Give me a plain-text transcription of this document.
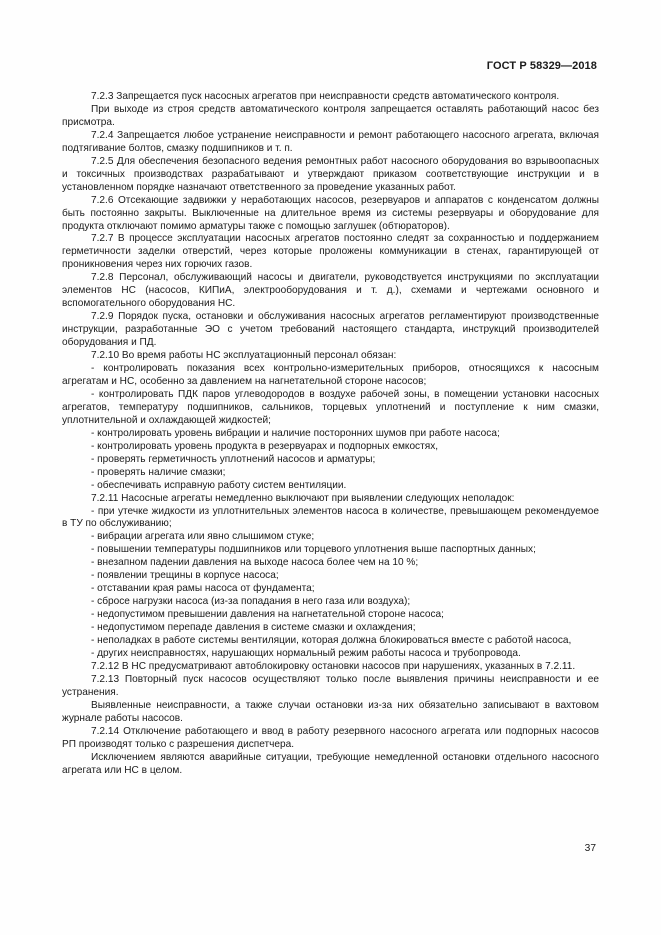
ГОСТ Р 58329—2018

7.2.3 Запрещается пуск насосных агрегатов при неисправности средств автоматического контроля.

При выходе из строя средств автоматического контроля запрещается оставлять работающий насос без присмотра.

7.2.4 Запрещается любое устранение неисправности и ремонт работающего насосного агрегата, включая подтягивание болтов, смазку подшипников и т. п.

7.2.5 Для обеспечения безопасного ведения ремонтных работ насосного оборудования во взрывоопасных и токсичных производствах разрабатывают и утверждают приказом соответствующие инструкции и в установленном порядке назначают ответственного за проведение указанных работ.

7.2.6 Отсекающие задвижки у неработающих насосов, резервуаров и аппаратов с конденсатом должны быть постоянно закрыты. Выключенные на длительное время из системы резервуары и оборудование для продукта отключают помимо арматуры также с помощью заглушек (обтюраторов).

7.2.7 В процессе эксплуатации насосных агрегатов постоянно следят за сохранностью и поддержанием герметичности заделки отверстий, через которые проложены коммуникации в стенах, гарантирующей от проникновения через них горючих газов.

7.2.8 Персонал, обслуживающий насосы и двигатели, руководствуется инструкциями по эксплуатации элементов НС (насосов, КИПиА, электрооборудования и т. д.), схемами и чертежами основного и вспомогательного оборудования НС.

7.2.9 Порядок пуска, остановки и обслуживания насосных агрегатов регламентируют производственные инструкции, разработанные ЭО с учетом требований настоящего стандарта, инструкций производителей оборудования и ПД.

7.2.10 Во время работы НС эксплуатационный персонал обязан:

- контролировать показания всех контрольно-измерительных приборов, относящихся к насосным агрегатам и НС, особенно за давлением на нагнетательной стороне насосов;

- контролировать ПДК паров углеводородов в воздухе рабочей зоны, в помещении установки насосных агрегатов, температуру подшипников, сальников, торцевых уплотнений и поступление к ним смазки, уплотнительной и охлаждающей жидкостей;

- контролировать уровень вибрации и наличие посторонних шумов при работе насоса;

- контролировать уровень продукта в резервуарах и подпорных емкостях,

- проверять герметичность уплотнений насосов и арматуры;

- проверять наличие смазки;

- обеспечивать исправную работу систем вентиляции.

7.2.11 Насосные агрегаты немедленно выключают при выявлении следующих неполадок:

- при утечке жидкости из уплотнительных элементов насоса в количестве, превышающем рекомендуемое в ТУ по обслуживанию;

- вибрации агрегата или явно слышимом стуке;

- повышении температуры подшипников или торцевого уплотнения выше паспортных данных;

- внезапном падении давления на выходе насоса более чем на 10 %;

- появлении трещины в корпусе насоса;

- отставании края рамы насоса от фундамента;

- сбросе нагрузки насоса (из-за попадания в него газа или воздуха);

- недопустимом превышении давления на нагнетательной стороне насоса;

- недопустимом перепаде давления в системе смазки и охлаждения;

- неполадках в работе системы вентиляции, которая должна блокироваться вместе с работой насоса,

- других неисправностях, нарушающих нормальный режим работы насоса и трубопровода.

7.2.12 В НС предусматривают автоблокировку остановки насосов при нарушениях, указанных в 7.2.11.

7.2.13 Повторный пуск насосов осуществляют только после выявления причины неисправности и ее устранения.

Выявленные неисправности, а также случаи остановки из-за них обязательно записывают в вахтовом журнале работы насосов.

7.2.14 Отключение работающего и ввод в работу резервного насосного агрегата или подпорных насосов РП производят только с разрешения диспетчера.

Исключением являются аварийные ситуации, требующие немедленной остановки отдельного насосного агрегата или НС в целом.

37
